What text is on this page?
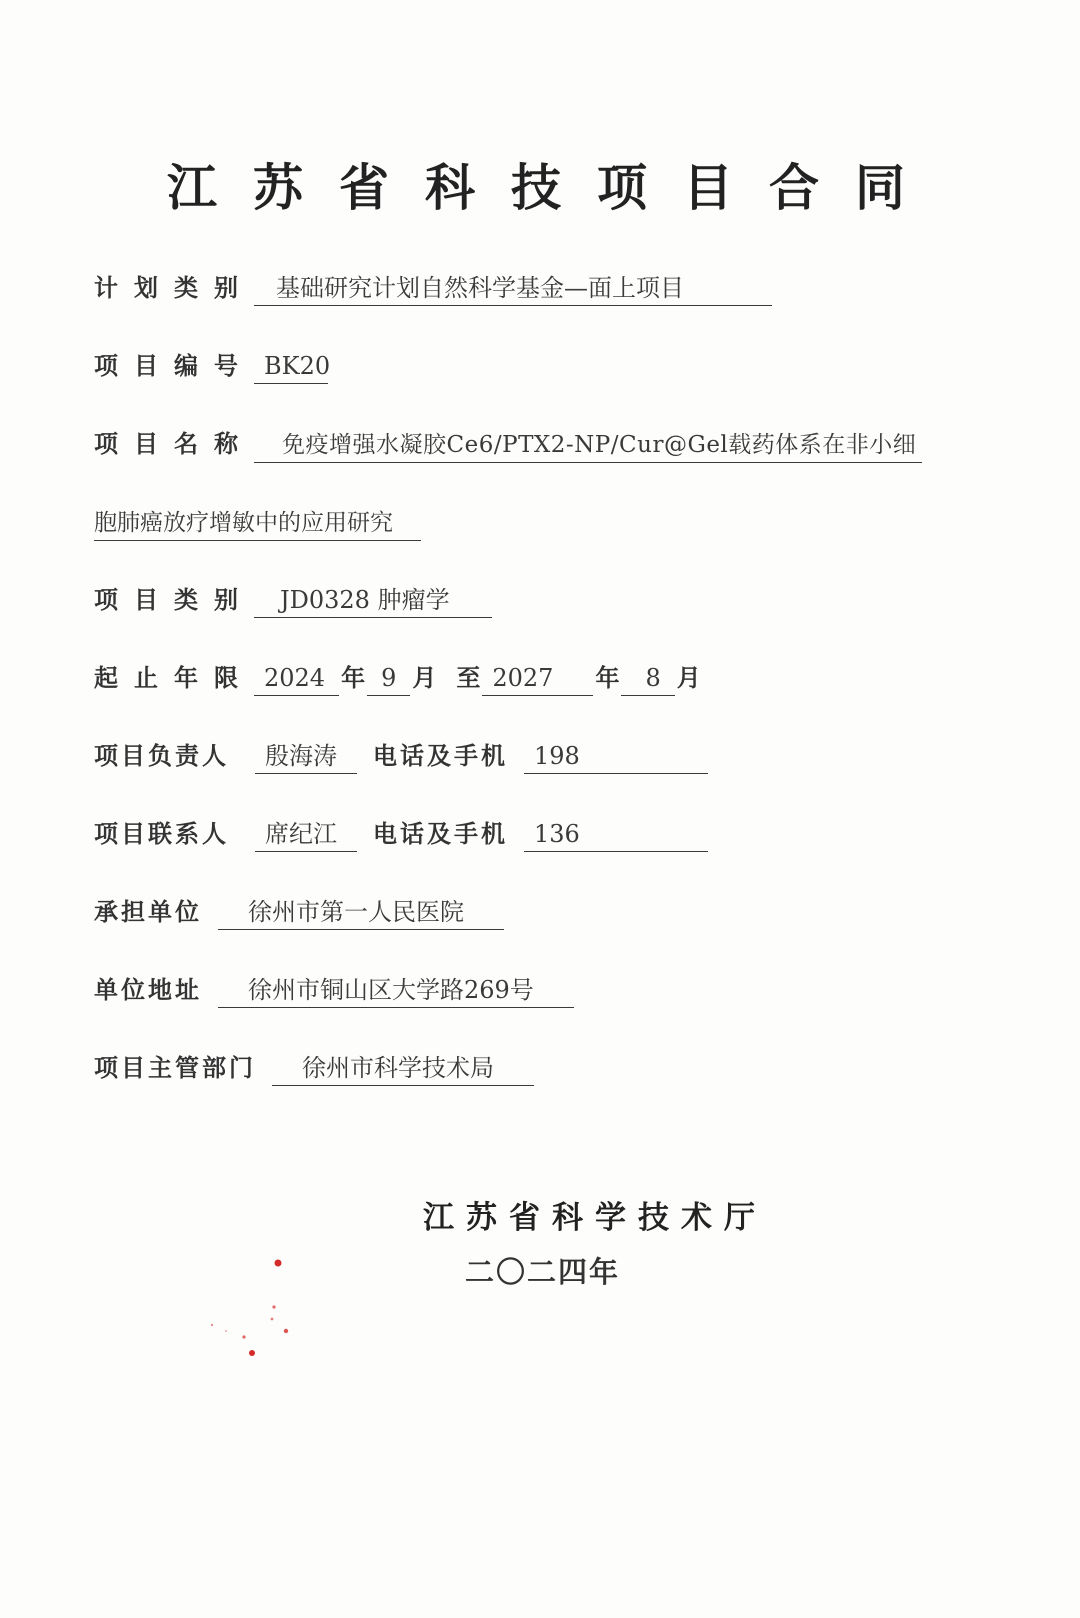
江苏省科技项目合同
计划类别 基础研究计划自然科学基金—面上项目
项目编号 BK20
项目名称 免疫增强水凝胶Ce6/PTX2-NP/Cur@Gel载药体系在非小细
胞肺癌放疗增敏中的应用研究
项目类别 JD0328 肿瘤学
起止年限 2024 年 9 月 至 2027 年 8 月
项目负责人 殷海涛 电话及手机 198
项目联系人 席纪江 电话及手机 136
承担单位 徐州市第一人民医院
单位地址 徐州市铜山区大学路269号
项目主管部门 徐州市科学技术局
江苏省科学技术厅
二〇二四年
